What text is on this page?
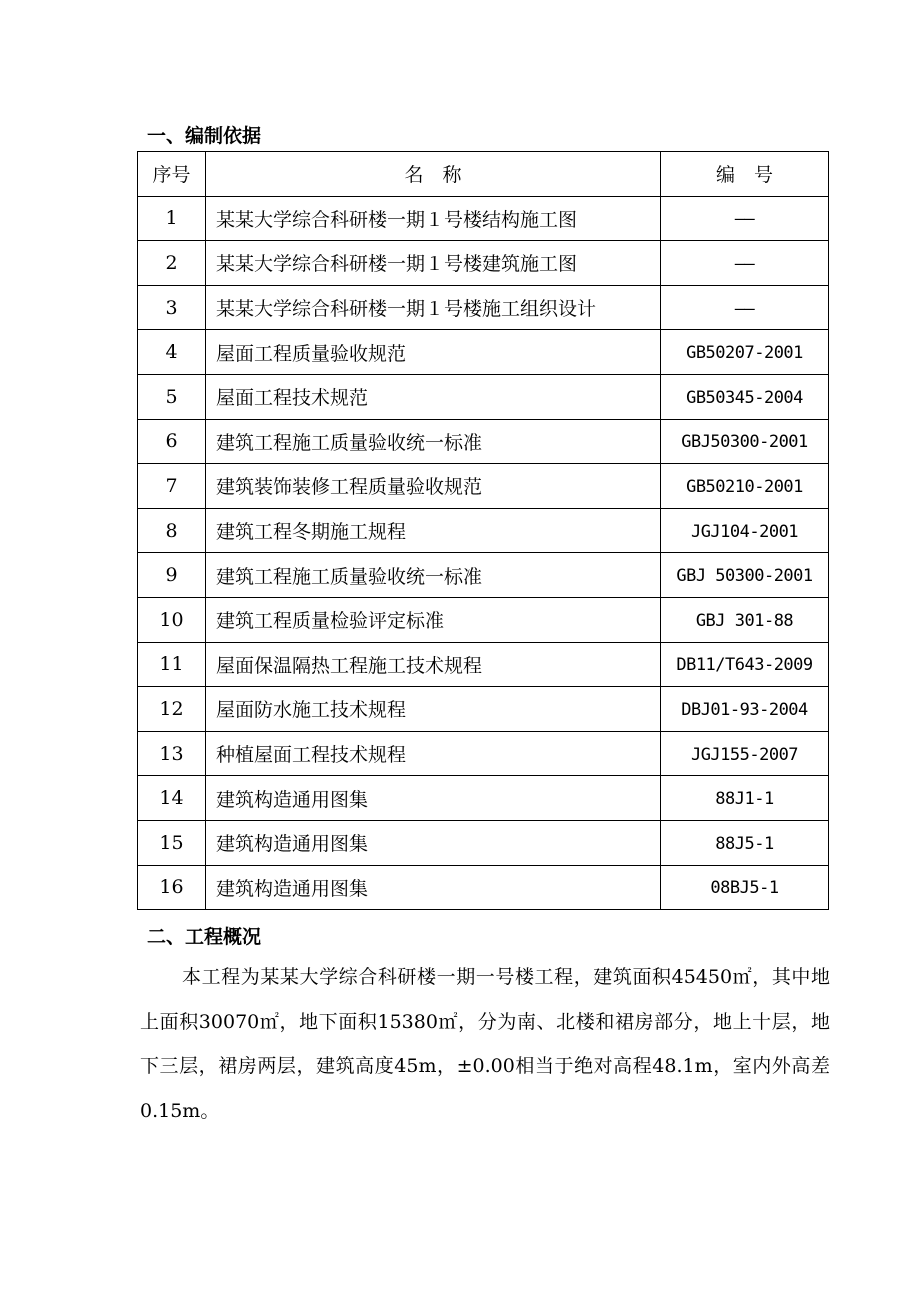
一、编制依据
序号	名　称	编　号
1	某某大学综合科研楼一期１号楼结构施工图	——
2	某某大学综合科研楼一期１号楼建筑施工图	——
3	某某大学综合科研楼一期１号楼施工组织设计	——
4	屋面工程质量验收规范	GB50207-2001
5	屋面工程技术规范	GB50345-2004
6	建筑工程施工质量验收统一标准	GBJ50300-2001
7	建筑装饰装修工程质量验收规范	GB50210-2001
8	建筑工程冬期施工规程	JGJ104-2001
9	建筑工程施工质量验收统一标准	GBJ 50300-2001
10	建筑工程质量检验评定标准	GBJ 301-88
11	屋面保温隔热工程施工技术规程	DB11/T643-2009
12	屋面防水施工技术规程	DBJ01-93-2004
13	种植屋面工程技术规程	JGJ155-2007
14	建筑构造通用图集	88J1-1
15	建筑构造通用图集	88J5-1
16	建筑构造通用图集	08BJ5-1
二、工程概况

本工程为某某大学综合科研楼一期一号楼工程，建筑面积45450㎡，其中地上面积30070㎡，地下面积15380㎡，分为南、北楼和裙房部分，地上十层，地下三层，裙房两层，建筑高度45m，±0.00相当于绝对高程48.1m，室内外高差0.15m。
